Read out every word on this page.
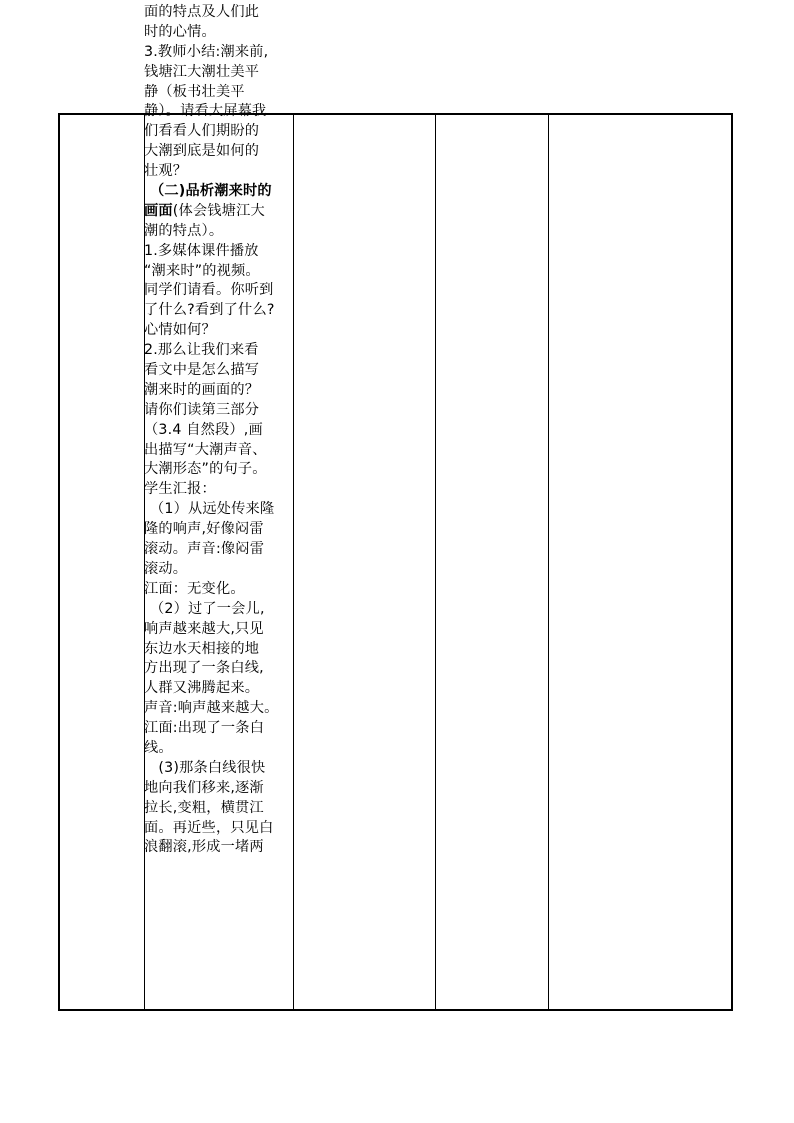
面的特点及人们此
时的心情。
3.教师小结:潮来前,
钱塘江大潮壮美平
静（板书壮美平
静）。请看大屏幕我
们看看人们期盼的
大潮到底是如何的
壮观？
（二)品析潮来时的
画面(体会钱塘江大
潮的特点）。
1.多媒体课件播放
“潮来时”的视频。
同学们请看。你听到
了什么?看到了什么?
心情如何？
2.那么让我们来看
看文中是怎么描写
潮来时的画面的？
请你们读第三部分
（3.4 自然段）,画
出描写“大潮声音、
大潮形态”的句子。
学生汇报：
（1）从远处传来隆
隆的响声,好像闷雷
滚动。声音:像闷雷
滚动。
江面：无变化。
（2）过了一会儿,
响声越来越大,只见
东边水天相接的地
方出现了一条白线,
人群又沸腾起来。
声音:响声越来越大。
江面:出现了一条白
线。
　(3)那条白线很快
地向我们移来,逐渐
拉长,变粗，横贯江
面。再近些，只见白
浪翻滚,形成一堵两
